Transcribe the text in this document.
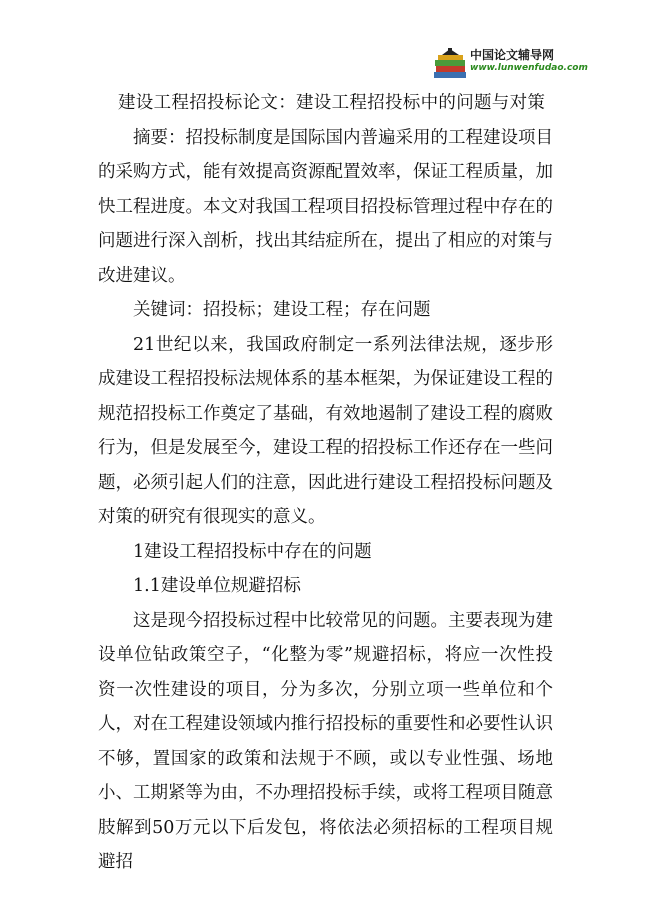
中国论文辅导网
www.lunwenfudao.com

建设工程招投标论文：建设工程招投标中的问题与对策

摘要：招投标制度是国际国内普遍采用的工程建设项目的采购方式，能有效提高资源配置效率，保证工程质量，加快工程进度。本文对我国工程项目招投标管理过程中存在的问题进行深入剖析，找出其结症所在，提出了相应的对策与改进建议。

关键词：招投标；建设工程；存在问题

21世纪以来，我国政府制定一系列法律法规，逐步形成建设工程招投标法规体系的基本框架，为保证建设工程的规范招投标工作奠定了基础，有效地遏制了建设工程的腐败行为，但是发展至今，建设工程的招投标工作还存在一些问题，必须引起人们的注意，因此进行建设工程招投标问题及对策的研究有很现实的意义。

1建设工程招投标中存在的问题

1.1建设单位规避招标

这是现今招投标过程中比较常见的问题。主要表现为建设单位钻政策空子，“化整为零”规避招标，将应一次性投资一次性建设的项目，分为多次，分别立项一些单位和个人，对在工程建设领域内推行招投标的重要性和必要性认识不够，置国家的政策和法规于不顾，或以专业性强、场地小、工期紧等为由，不办理招投标手续，或将工程项目随意肢解到50万元以下后发包，将依法必须招标的工程项目规避招
